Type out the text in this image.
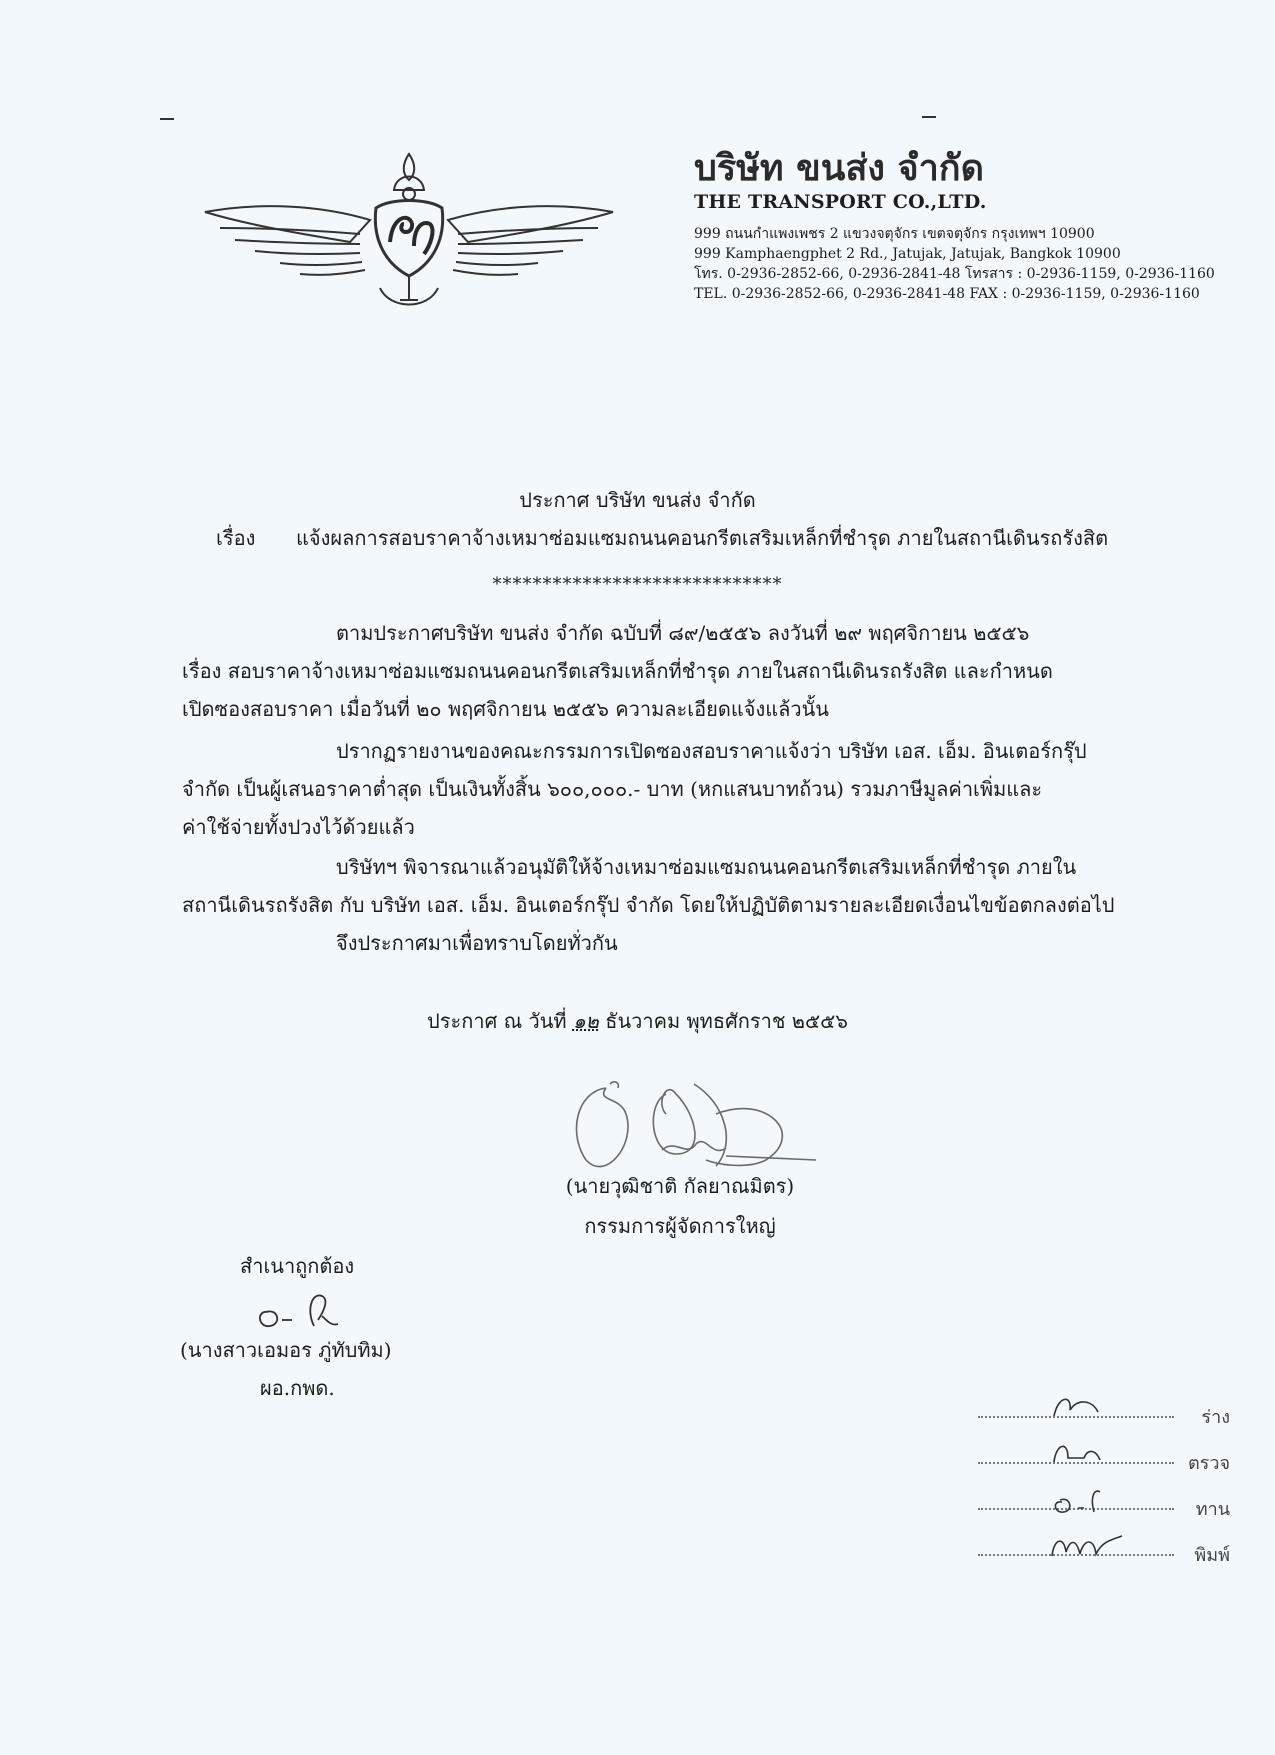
บริษัท ขนส่ง จำกัด
THE TRANSPORT CO.,LTD.
999 ถนนกำแพงเพชร 2 แขวงจตุจักร เขตจตุจักร กรุงเทพฯ 10900
999 Kamphaengphet 2 Rd., Jatujak, Jatujak, Bangkok 10900
โทร. 0-2936-2852-66, 0-2936-2841-48 โทรสาร : 0-2936-1159, 0-2936-1160
TEL. 0-2936-2852-66, 0-2936-2841-48 FAX : 0-2936-1159, 0-2936-1160
ประกาศ บริษัท ขนส่ง จำกัด
เรื่อง แจ้งผลการสอบราคาจ้างเหมาซ่อมแซมถนนคอนกรีตเสริมเหล็กที่ชำรุด ภายในสถานีเดินรถรังสิต
*****************************
ตามประกาศบริษัท ขนส่ง จำกัด ฉบับที่ ๘๙/๒๕๕๖ ลงวันที่ ๒๙ พฤศจิกายน ๒๕๕๖
เรื่อง สอบราคาจ้างเหมาซ่อมแซมถนนคอนกรีตเสริมเหล็กที่ชำรุด ภายในสถานีเดินรถรังสิต และกำหนด
เปิดซองสอบราคา เมื่อวันที่ ๒๐ พฤศจิกายน ๒๕๕๖ ความละเอียดแจ้งแล้วนั้น
ปรากฏรายงานของคณะกรรมการเปิดซองสอบราคาแจ้งว่า บริษัท เอส. เอ็ม. อินเตอร์กรุ๊ป
จำกัด เป็นผู้เสนอราคาต่ำสุด เป็นเงินทั้งสิ้น ๖๐๐,๐๐๐.- บาท (หกแสนบาทถ้วน) รวมภาษีมูลค่าเพิ่มและ
ค่าใช้จ่ายทั้งปวงไว้ด้วยแล้ว
บริษัทฯ พิจารณาแล้วอนุมัติให้จ้างเหมาซ่อมแซมถนนคอนกรีตเสริมเหล็กที่ชำรุด ภายใน
สถานีเดินรถรังสิต กับ บริษัท เอส. เอ็ม. อินเตอร์กรุ๊ป จำกัด โดยให้ปฏิบัติตามรายละเอียดเงื่อนไขข้อตกลงต่อไป
จึงประกาศมาเพื่อทราบโดยทั่วกัน
ประกาศ ณ วันที่ ๑๒ ธันวาคม พุทธศักราช ๒๕๕๖
(นายวุฒิชาติ กัลยาณมิตร)
กรรมการผู้จัดการใหญ่
สำเนาถูกต้อง
(นางสาวเอมอร ภู่ทับทิม)
ผอ.กพด.
ร่าง
ตรวจ
ทาน
พิมพ์
